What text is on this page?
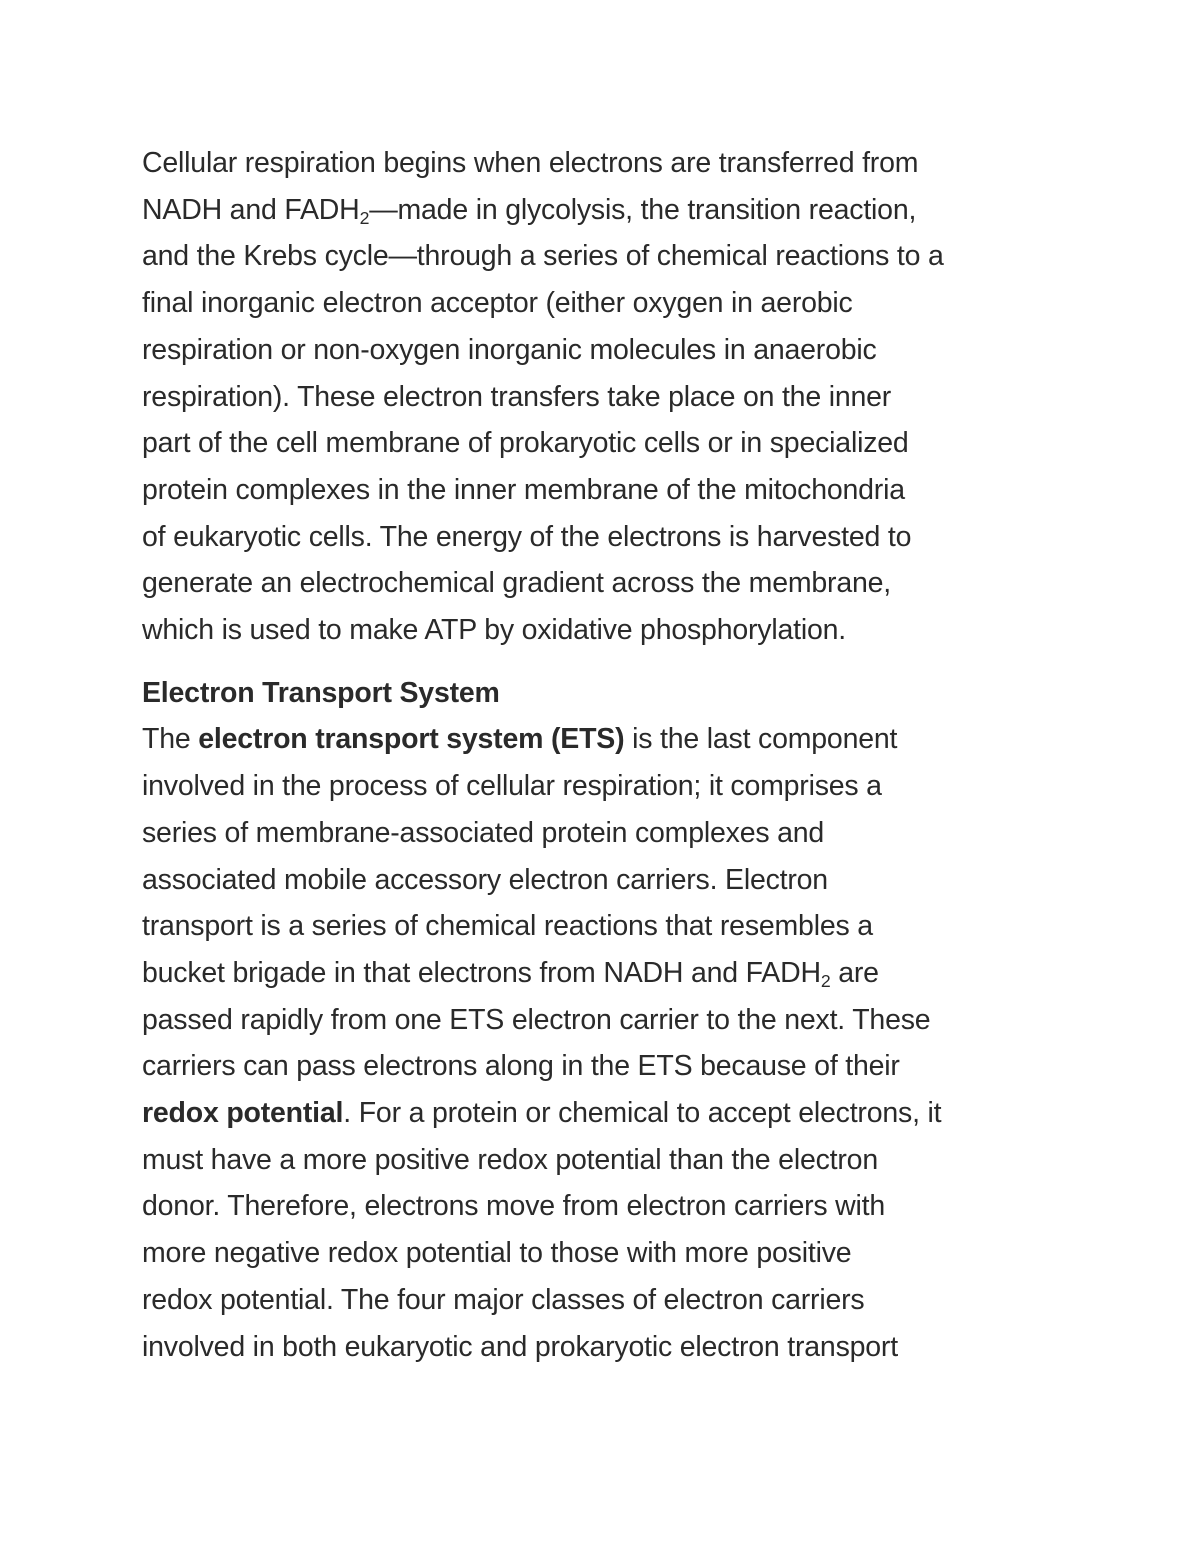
Cellular respiration begins when electrons are transferred from
NADH and $FADH_2—made$ in glycolysis, the transition reaction,
and the Krebs cycle—through a series of chemical reactions to a
final inorganic electron acceptor (either oxygen in aerobic
respiration or non-oxygen inorganic molecules in anaerobic
respiration). These electron transfers take place on the inner
part of the cell membrane of prokaryotic cells or in specialized
protein complexes in the inner membrane of the mitochondria
of eukaryotic cells. The energy of the electrons is harvested to
generate an electrochemical gradient across the membrane,
which is used to make ATP by oxidative phosphorylation.

Electron Transport System

The electron transport system (ETS) is the last component
involved in the process of cellular respiration; it comprises a
series of membrane-associated protein complexes and
associated mobile accessory electron carriers. Electron
transport is a series of chemical reactions that resembles a
bucket brigade in that electrons from NADH and $FADH_2$ are
passed rapidly from one ETS electron carrier to the next. These
carriers can pass electrons along in the ETS because of their
redox potential. For a protein or chemical to accept electrons, it
must have a more positive redox potential than the electron
donor. Therefore, electrons move from electron carriers with
more negative redox potential to those with more positive
redox potential. The four major classes of electron carriers
involved in both eukaryotic and prokaryotic electron transport
